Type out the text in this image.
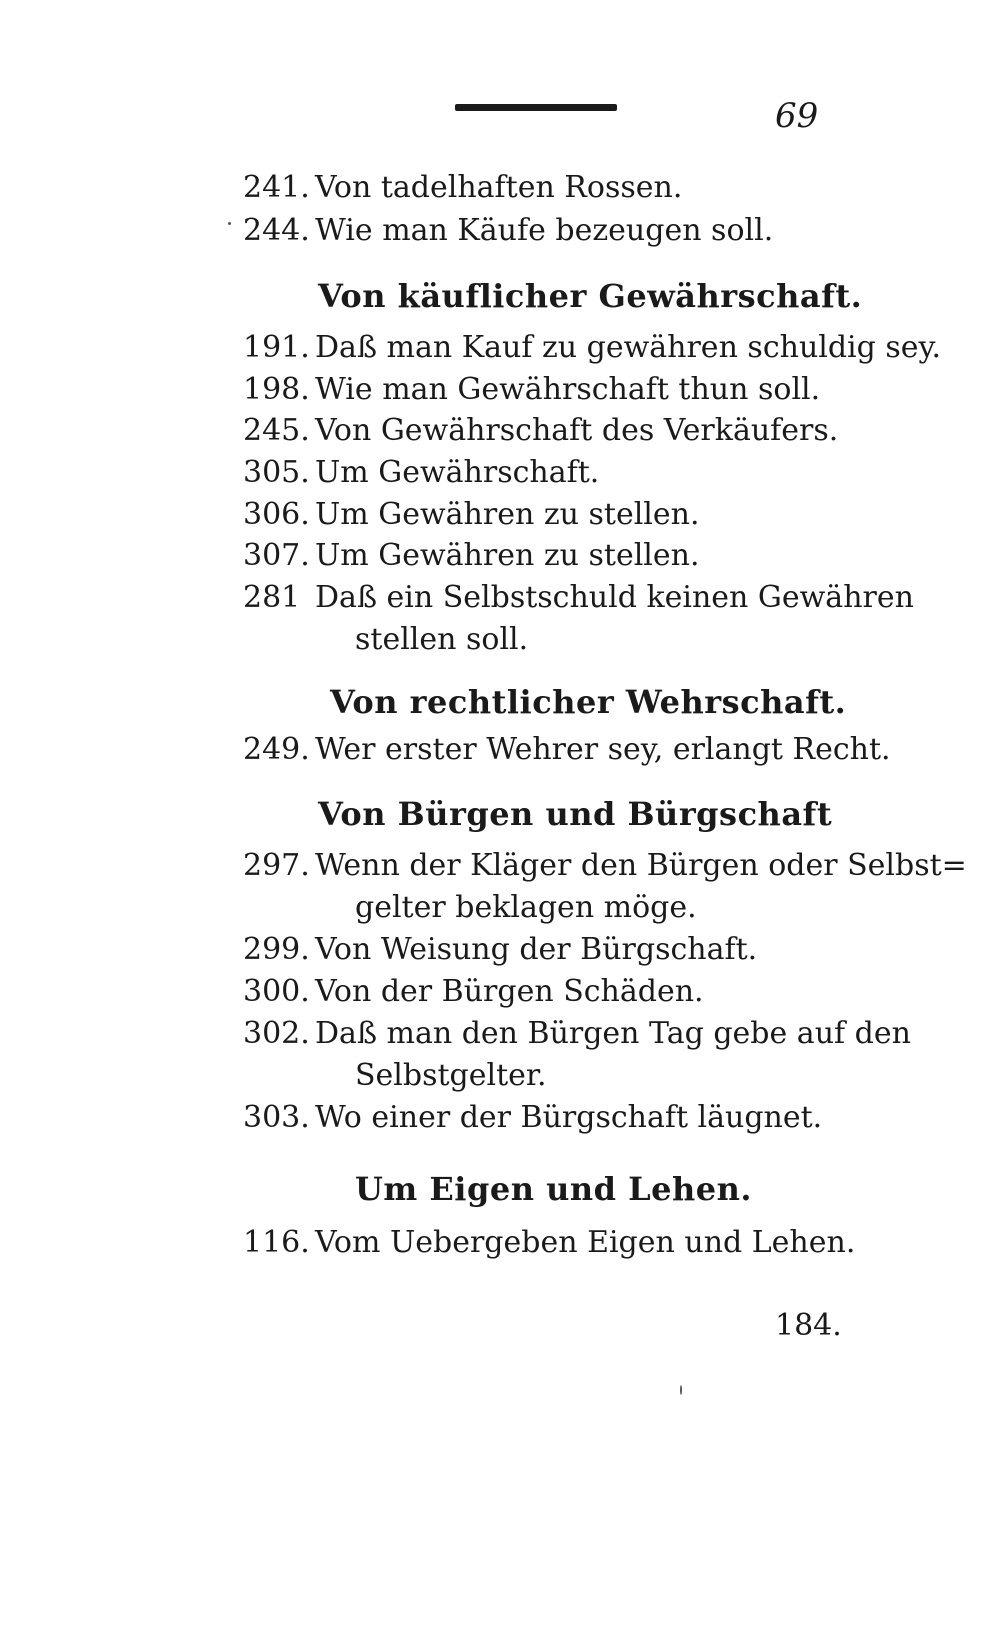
69
241. Von tadelhaften Rossen.
244. Wie man Käufe bezeugen soll.
Von käuflicher Gewährschaft.
191. Daß man Kauf zu gewähren schuldig sey.
198. Wie man Gewährschaft thun soll.
245. Von Gewährschaft des Verkäufers.
305. Um Gewährschaft.
306. Um Gewähren zu stellen.
307. Um Gewähren zu stellen.
281 Daß ein Selbstschuld keinen Gewähren
stellen soll.
Von rechtlicher Wehrschaft.
249. Wer erster Wehrer sey, erlangt Recht.
Von Bürgen und Bürgschaft
297. Wenn der Kläger den Bürgen oder Selbst=
gelter beklagen möge.
299. Von Weisung der Bürgschaft.
300. Von der Bürgen Schäden.
302. Daß man den Bürgen Tag gebe auf den
Selbstgelter.
303. Wo einer der Bürgschaft läugnet.
Um Eigen und Lehen.
116. Vom Uebergeben Eigen und Lehen.
184.
